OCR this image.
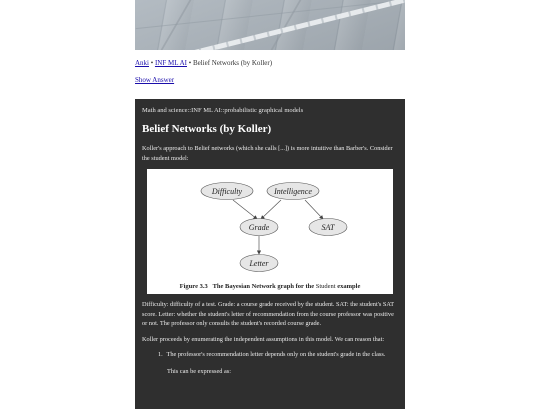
Anki • INF ML AI • Belief Networks (by Koller)
Show Answer
Math and science::INF ML AI::probabilistic graphical models
Belief Networks (by Koller)

Koller's approach to Belief networks (which she calls [...]) is more intuitive than Barber's. Consider the student model:

Difficulty	Intelligence
Grade	SAT
Letter
Figure 3.3 The Bayesian Network graph for the Student example

Difficulty: difficulty of a test. Grade: a course grade received by the student. SAT: the student's SAT score. Letter: whether the student's letter of recommendation from the course professor was positive or not. The professor only consults the student's recorded course grade.

Koller proceeds by enumerating the independent assumptions in this model. We can reason that:

1. The professor's recommendation letter depends only on the student's grade in the class.
This can be expressed as:
